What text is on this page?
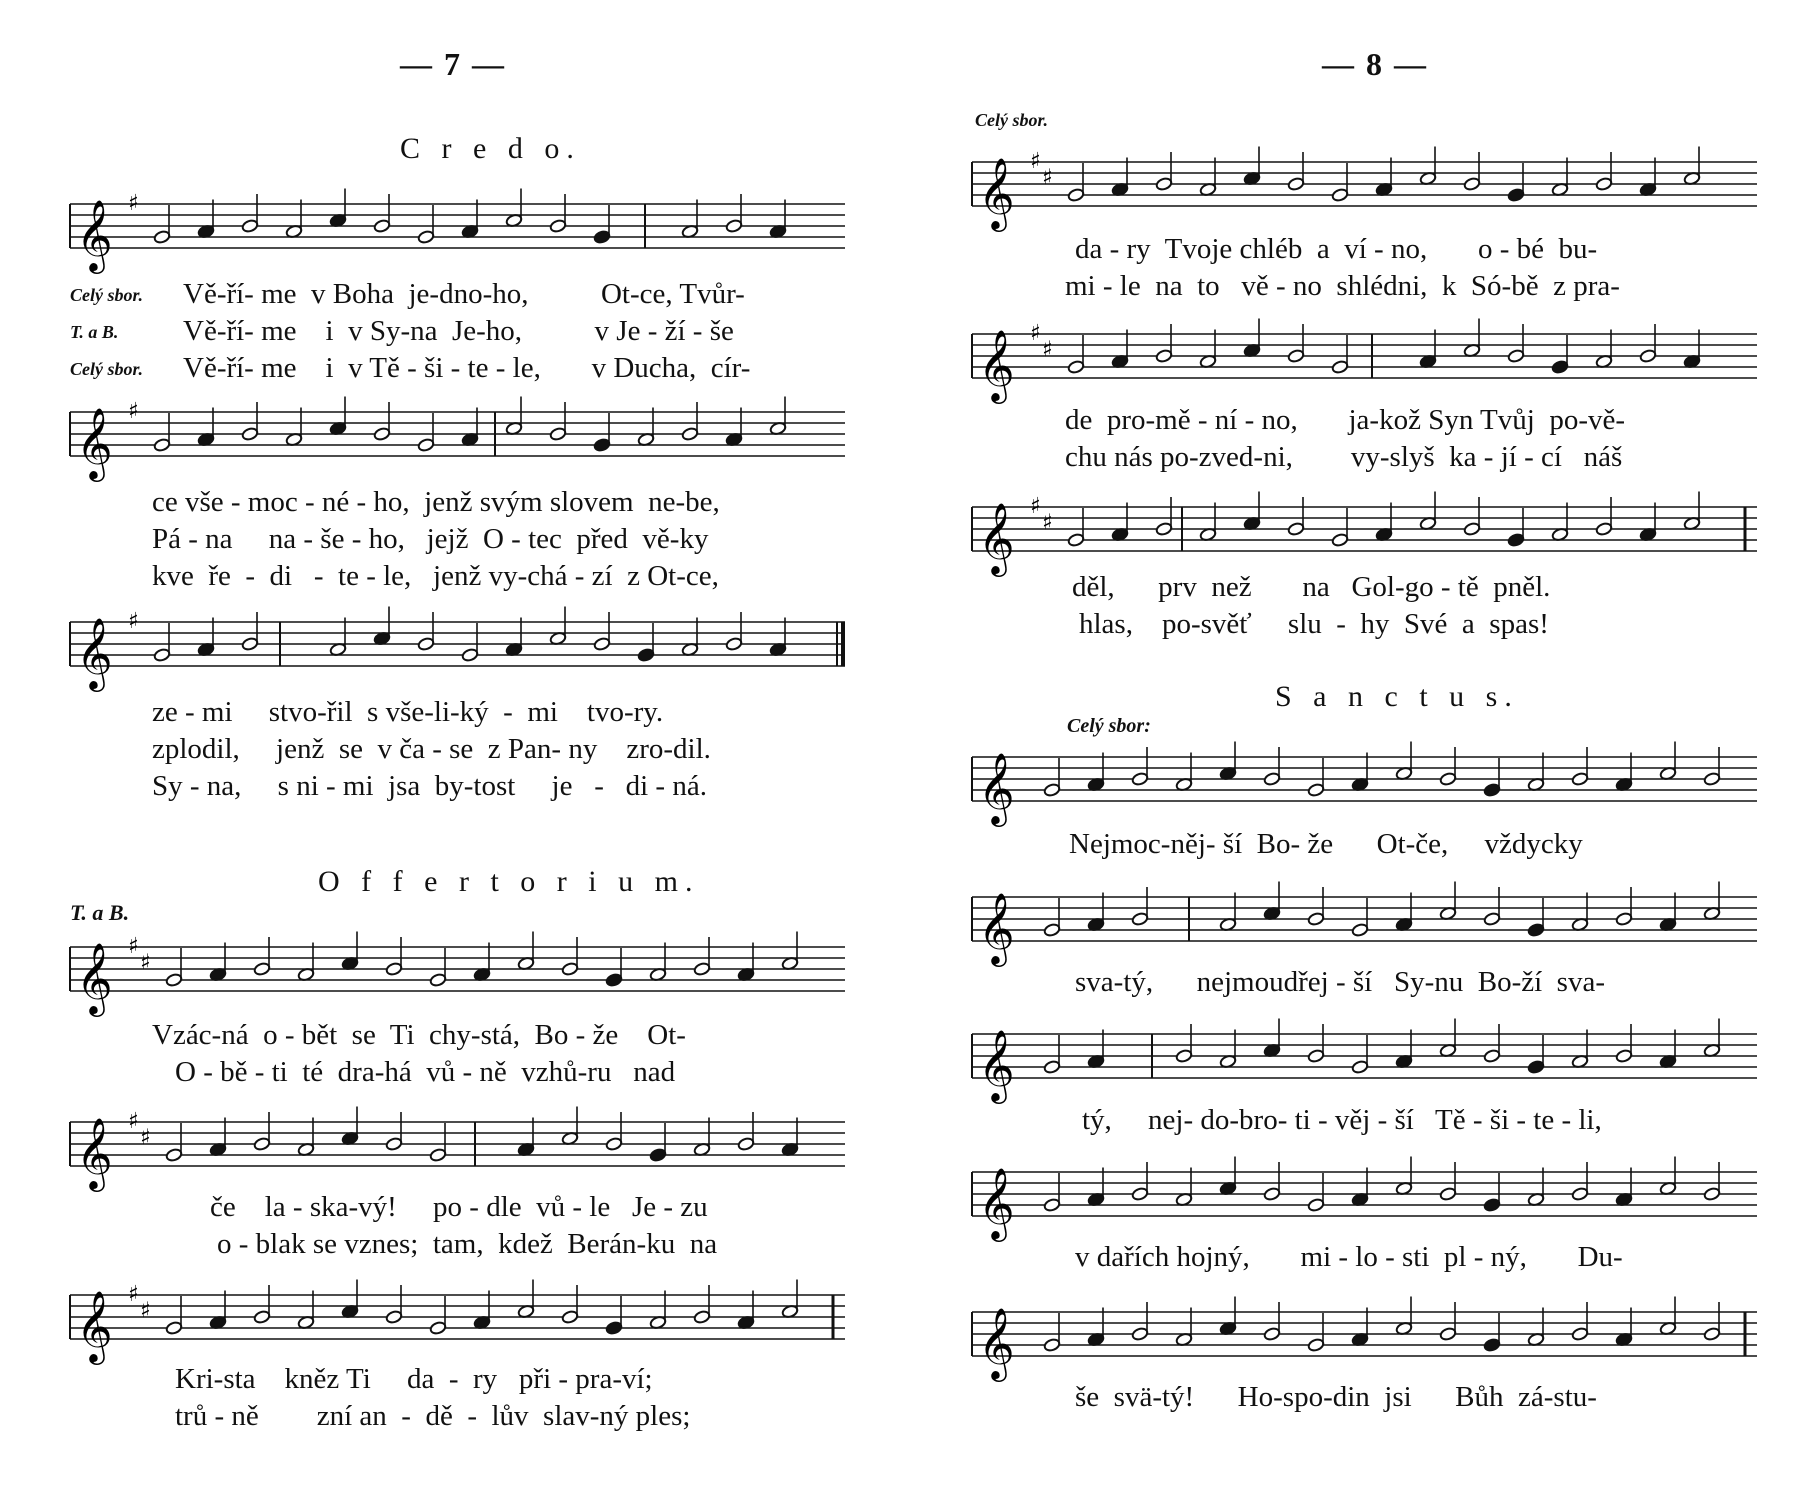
— 7 —
C r e d o.
𝄞 ♯
Celý sbor.
T. a B.
Celý sbor.
Vě-ří- me  v Boha  je-dno-ho,          Ot-ce, Tvůr-
Vě-ří- me    i  v Sy-na  Je-ho,          v Je - ží - še
Vě-ří- me    i  v Tě - ši - te - le,       v Ducha,  cír-
𝄞 ♯
ce vše - moc - né - ho,  jenž svým slovem  ne-be,
Pá - na     na - še - ho,   jejž  O - tec  před  vě-ky
kve  ře  -  di   -  te - le,   jenž vy-chá - zí  z Ot-ce,
𝄞 ♯
ze - mi     stvo-řil  s vše-li-ký  -  mi    tvo-ry.
zplodil,     jenž  se  v ča - se  z Pan- ny    zro-dil.
Sy - na,     s ni - mi  jsa  by-tost     je   -   di - ná.
O f f e r t o r i u m.
T. a B.
𝄞 ♯
♯
Vzác-ná  o - bět  se  Ti  chy-stá,  Bo - že    Ot-
O - bě - ti  té  dra-há  vů - ně  vzhů-ru   nad
𝄞 ♯
♯
če    la - ska-vý!     po - dle  vů - le   Je - zu
o - blak se vznes;  tam,  kdež  Berán-ku  na
𝄞 ♯
♯
Kri-sta    kněz Ti     da  -  ry   při - pra-ví;
trů - ně        zní an  -  dě  -  lův  slav-ný ples;
— 8 —
Celý sbor.
𝄞 ♯
♯
da - ry  Tvoje chléb  a  ví - no,       o - bé  bu-
mi - le  na  to   vě - no  shlédni,  k  Só-bě  z pra-
𝄞 ♯
♯
de  pro-mě - ní - no,       ja-kož Syn Tvůj  po-vě-
chu nás po-zved-ni,        vy-slyš  ka - jí - cí   náš
𝄞 ♯
♯
děl,      prv  než       na   Gol-go - tě  pněl.
hlas,    po-svěť     slu  -  hy  Své  a  spas!
S a n c t u s.
Celý sbor:
𝄞
Nejmoc-něj- ší  Bo- že      Ot-če,     vždycky
𝄞
sva-tý,      nejmoudřej - ší   Sy-nu  Bo-ží  sva-
𝄞
tý,     nej- do-bro- ti - věj - ší   Tě - ši - te - li,
𝄞
v dařích hojný,       mi - lo - sti  pl - ný,       Du-
𝄞
še  svä-tý!      Ho-spo-din  jsi      Bůh  zá-stu-
